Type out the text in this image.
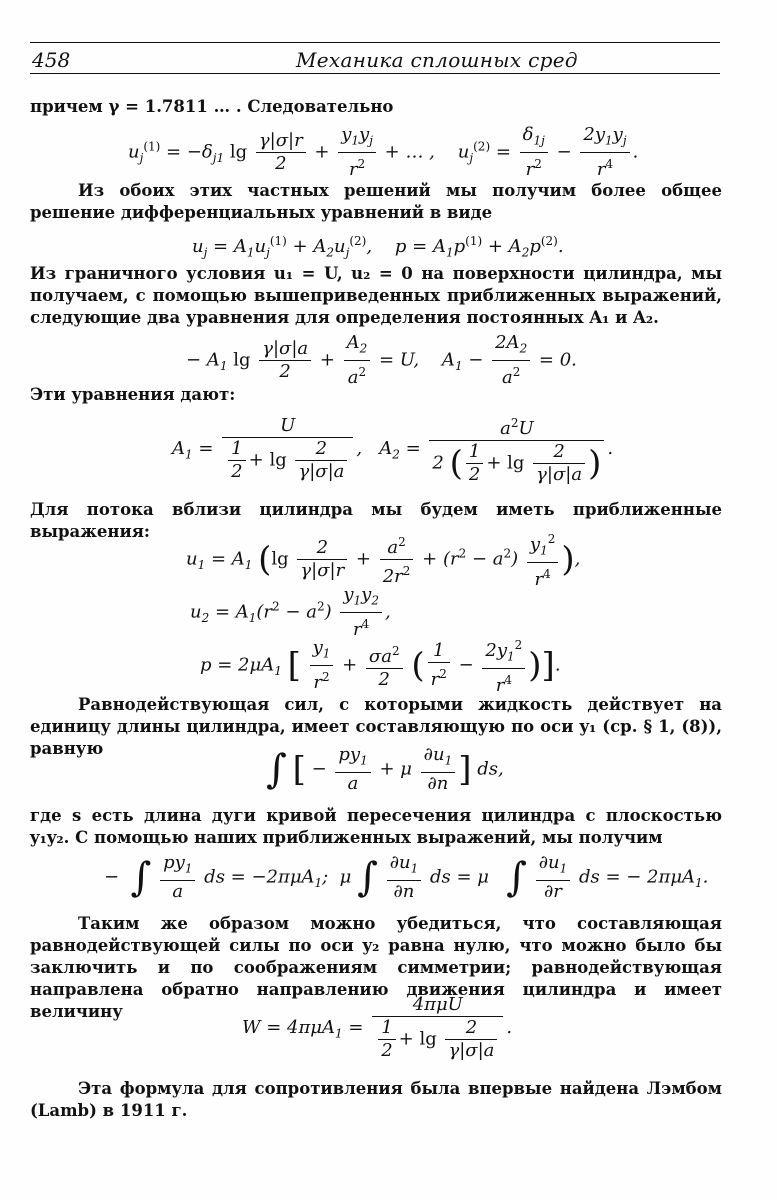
458	Механика сплошных сред
причем γ = 1.7811 … . Следовательно
$u_j^{(1)} = -\delta_{j1}$ $\lg \frac{\gamma|\sigma|r}{2} + \frac{y_1y_j}{r^2}$ + … ,    $u_j^{(2)} = \frac{\delta_{1j}}{r^2} - \frac{2y_1y_j}{r^4}$ .
Из обоих этих частных решений мы получим более общее решение дифференциальных уравнений в виде
$u_j = A_1u_j^{(1)} + A_2u_j^{(2)}$,    $p = A_1p^{(1)} + A_2p^{(2)}$.
Из граничного условия u₁ = U, u₂ = 0 на поверхности цилиндра, мы получаем, с помощью вышеприведенных приближенных выражений, следующие два уравнения для определения постоянных A₁ и A₂.
− $A_1$ $\lg \frac{\gamma|\sigma|a}{2} + \frac{A_2}{a^2} = U$,    $A_1 - \frac{2A_2}{a^2} = 0$.
Эти уравнения дают:
$A_1 = \frac{U}{\frac{1}{2} + \lg \frac{2}{\gamma|\sigma|a}}$ ,   $A_2 = \frac{a^2U}{2 ( \frac{1}{2} + \lg \frac{2}{\gamma|\sigma|a} )}$ .
Для потока вблизи цилиндра мы будем иметь приближенные выражения:
$u_1 = A_1$ ($\lg \frac{2}{\gamma|\sigma|r} + \frac{a^2}{2r^2} + (r^2 - a^2) \frac{y_1^2}{r^4}$ ),
$u_2 = A_1(r^2 - a^2) \frac{y_1y_2}{r^4}$ ,
$p = 2\mu A_1$ [ $\frac{y_1}{r^2} + \frac{\sigma a^2}{2}$ ( $\frac{1}{r^2} - \frac{2y_1^2}{r^4}$ )].
Равнодействующая сил, с которыми жидкость действует на единицу длины цилиндра, имеет составляющую по оси y₁ (ср. § 1, (8)), равную	∫ [ − $\frac{py_1}{a} + \mu \frac{\partial u_1}{\partial n}$ ] ds,
где s есть длина дуги кривой пересечения цилиндра с плоскостью y₁y₂. С помощью наших приближенных выражений, мы получим
−  ∫ $\frac{py_1}{a}$ ds = −2πμA$_1$;  μ ∫ $\frac{\partial u_1}{\partial n}$ ds = μ   ∫ $\frac{\partial u_1}{\partial r}$ ds = − 2πμA$_1$.
Таким же образом можно убедиться, что составляющая равнодействующей силы по оси y₂ равна нулю, что можно было бы заключить и по соображениям симметрии; равнодействующая направлена обратно направлению движения цилиндра и имеет величину
$W = 4\pi\mu A_1 = \frac{\text{4πμU}}{\frac{1}{2} + \lg \frac{2}{\gamma|\sigma|a}}$ .
Эта формула для сопротивления была впервые найдена Лэмбом (Lamb) в 1911 г.
